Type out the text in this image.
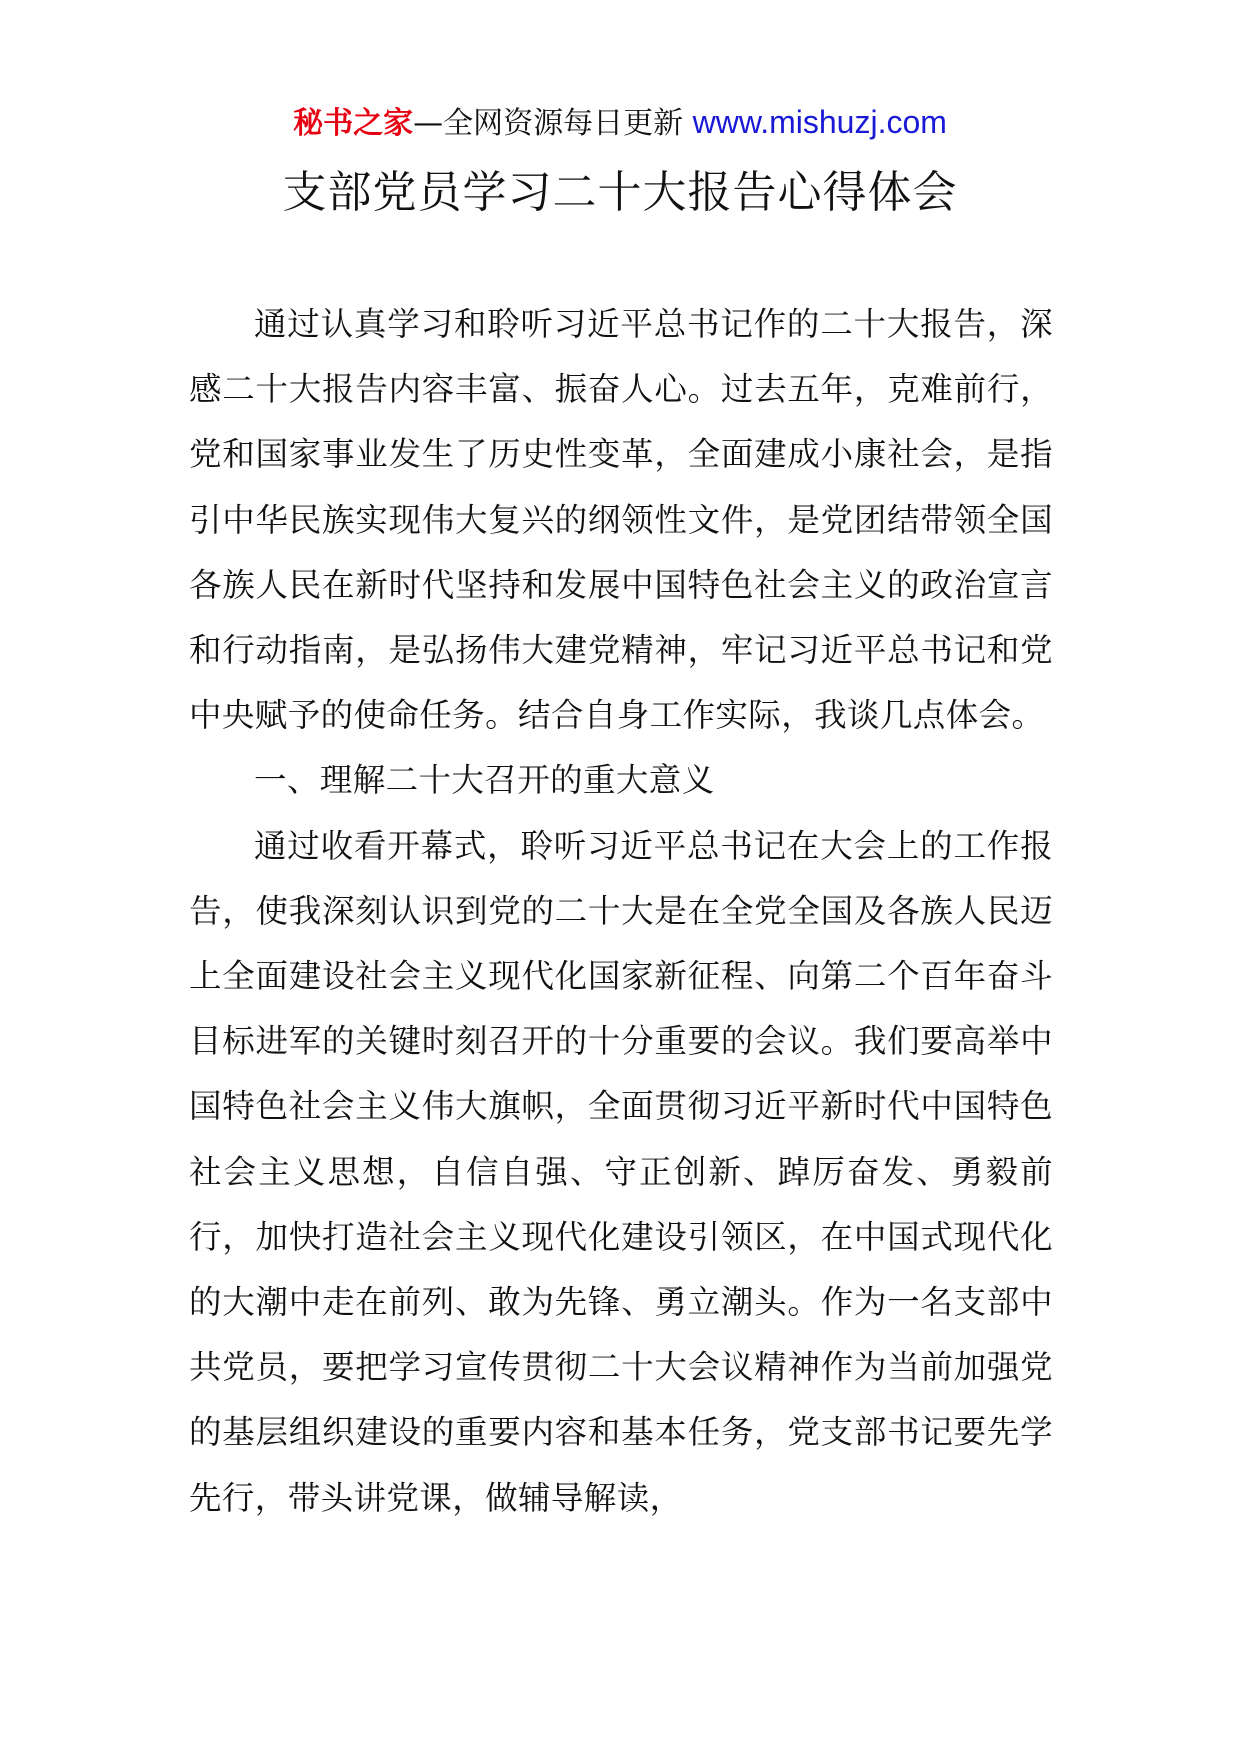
秘书之家—全网资源每日更新 www.mishuzj.com
支部党员学习二十大报告心得体会

通过认真学习和聆听习近平总书记作的二十大报告，深感二十大报告内容丰富、振奋人心。过去五年，克难前行，党和国家事业发生了历史性变革，全面建成小康社会，是指引中华民族实现伟大复兴的纲领性文件，是党团结带领全国各族人民在新时代坚持和发展中国特色社会主义的政治宣言和行动指南，是弘扬伟大建党精神，牢记习近平总书记和党中央赋予的使命任务。结合自身工作实际，我谈几点体会。

一、理解二十大召开的重大意义

通过收看开幕式，聆听习近平总书记在大会上的工作报告，使我深刻认识到党的二十大是在全党全国及各族人民迈上全面建设社会主义现代化国家新征程、向第二个百年奋斗目标进军的关键时刻召开的十分重要的会议。我们要高举中国特色社会主义伟大旗帜，全面贯彻习近平新时代中国特色社会主义思想，自信自强、守正创新、踔厉奋发、勇毅前行，加快打造社会主义现代化建设引领区，在中国式现代化的大潮中走在前列、敢为先锋、勇立潮头。作为一名支部中共党员，要把学习宣传贯彻二十大会议精神作为当前加强党的基层组织建设的重要内容和基本任务，党支部书记要先学先行，带头讲党课，做辅导解读，
